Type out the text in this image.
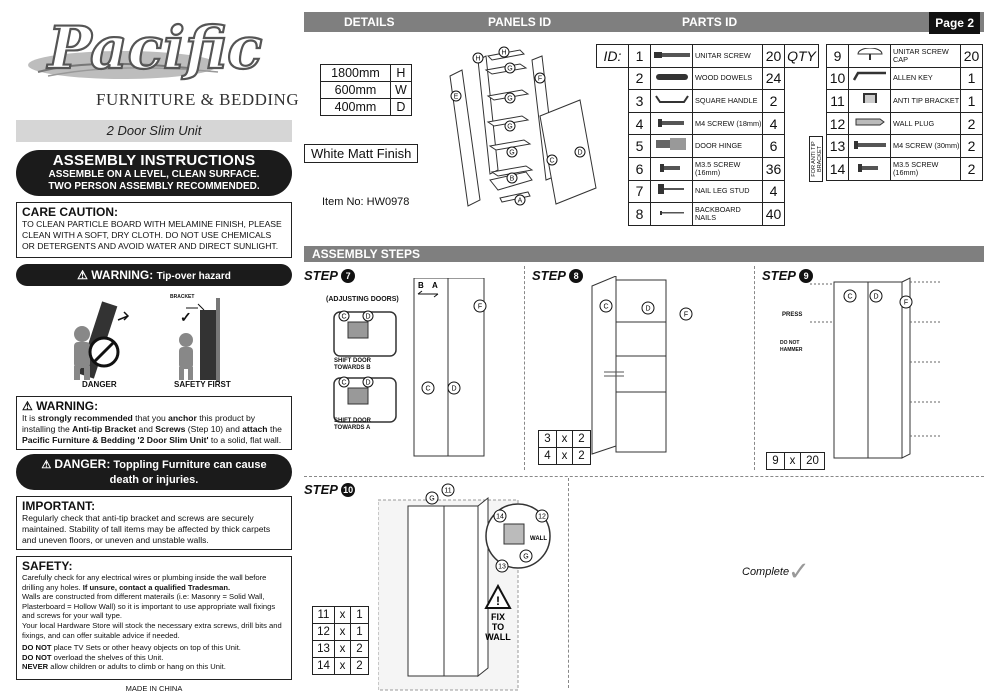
Pacific
FURNITURE & BEDDING
2 Door Slim Unit
ASSEMBLY INSTRUCTIONS
ASSEMBLE ON A LEVEL, CLEAN SURFACE.
TWO PERSON ASSEMBLY RECOMMENDED.
CARE CAUTION:
TO CLEAN PARTICLE BOARD WITH MELAMINE FINISH, PLEASE CLEAN WITH A SOFT, DRY CLOTH. DO NOT USE CHEMICALS OR DETERGENTS AND AVOID WATER AND DIRECT SUNLIGHT.
⚠ WARNING: Tip-over hazard
✓
DANGER	SAFETY FIRST
BRACKET
⚠ WARNING:
It is strongly recommended that you anchor this product by installing the Anti-tip Bracket and Screws (Step 10) and attach the Pacific Furniture & Bedding '2 Door Slim Unit' to a solid, flat wall.
⚠ DANGER: Toppling Furniture can cause
death or injuries.
IMPORTANT:
Regularly check that anti-tip bracket and screws are securely maintained. Stability of tall items may be affected by thick carpets and uneven floors, or uneven and unstable walls.
SAFETY:
Carefully check for any electrical wires or plumbing inside the wall before drilling any holes. If unsure, contact a qualified Tradesman.
Walls are constructed from different materails (i.e: Masonry = Solid Wall, Plasterboard = Hollow Wall) so it is important to use appropriate wall fixings and screws for your wall type.
Your local Hardware Store will stock the necessary extra screws, drill bits and fixings, and can offer suitable advice if needed.
DO NOT place TV Sets or other heavy objects on top of this Unit.
DO NOT overload the shelves of this Unit.
NEVER allow children or adults to climb or hang on this Unit.
MADE IN CHINA
DETAILS	PANELS ID	PARTS ID	Page 2
1800mm	H
600mm	W
400mm	D
White Matt Finish
Item No: HW0978
E
H
H
G
G
G
G
F
C
D
B
A
ID:	1		UNITAR SCREW	20	QTY
	2		WOOD DOWELS	24	
	3		SQUARE HANDLE	2	
	4		M4 SCREW (18mm)	4	
	5		DOOR HINGE	6	
	6		M3.5 SCREW (16mm)	36	
	7		NAIL LEG STUD	4	
	8		BACKBOARD NAILS	40	
9		UNITAR SCREW CAP	20
10		ALLEN KEY	1
11		ANTI TIP BRACKET	1
12		WALL PLUG	2
13		M4 SCREW (30mm)	2
14		M3.5 SCREW (16mm)	2
FOR ANTI TIP BRACKET
ASSEMBLY STEPS
STEP 7
(ADJUSTING DOORS)
C	D
C	D
C	D
F
B A
SHIFT DOOR TOWARDS B
SHIFT DOOR TOWARDS A
STEP 8
C	D
F
3	x	2
4	x	2
STEP 9
C	D
F
PRESS
DO NOT HAMMER
9	x	20
STEP 10
G
11
14	12
G
13
WALL
!
FIX
TO
WALL
11	x	1
12	x	1
13	x	2
14	x	2
Complete
✓
